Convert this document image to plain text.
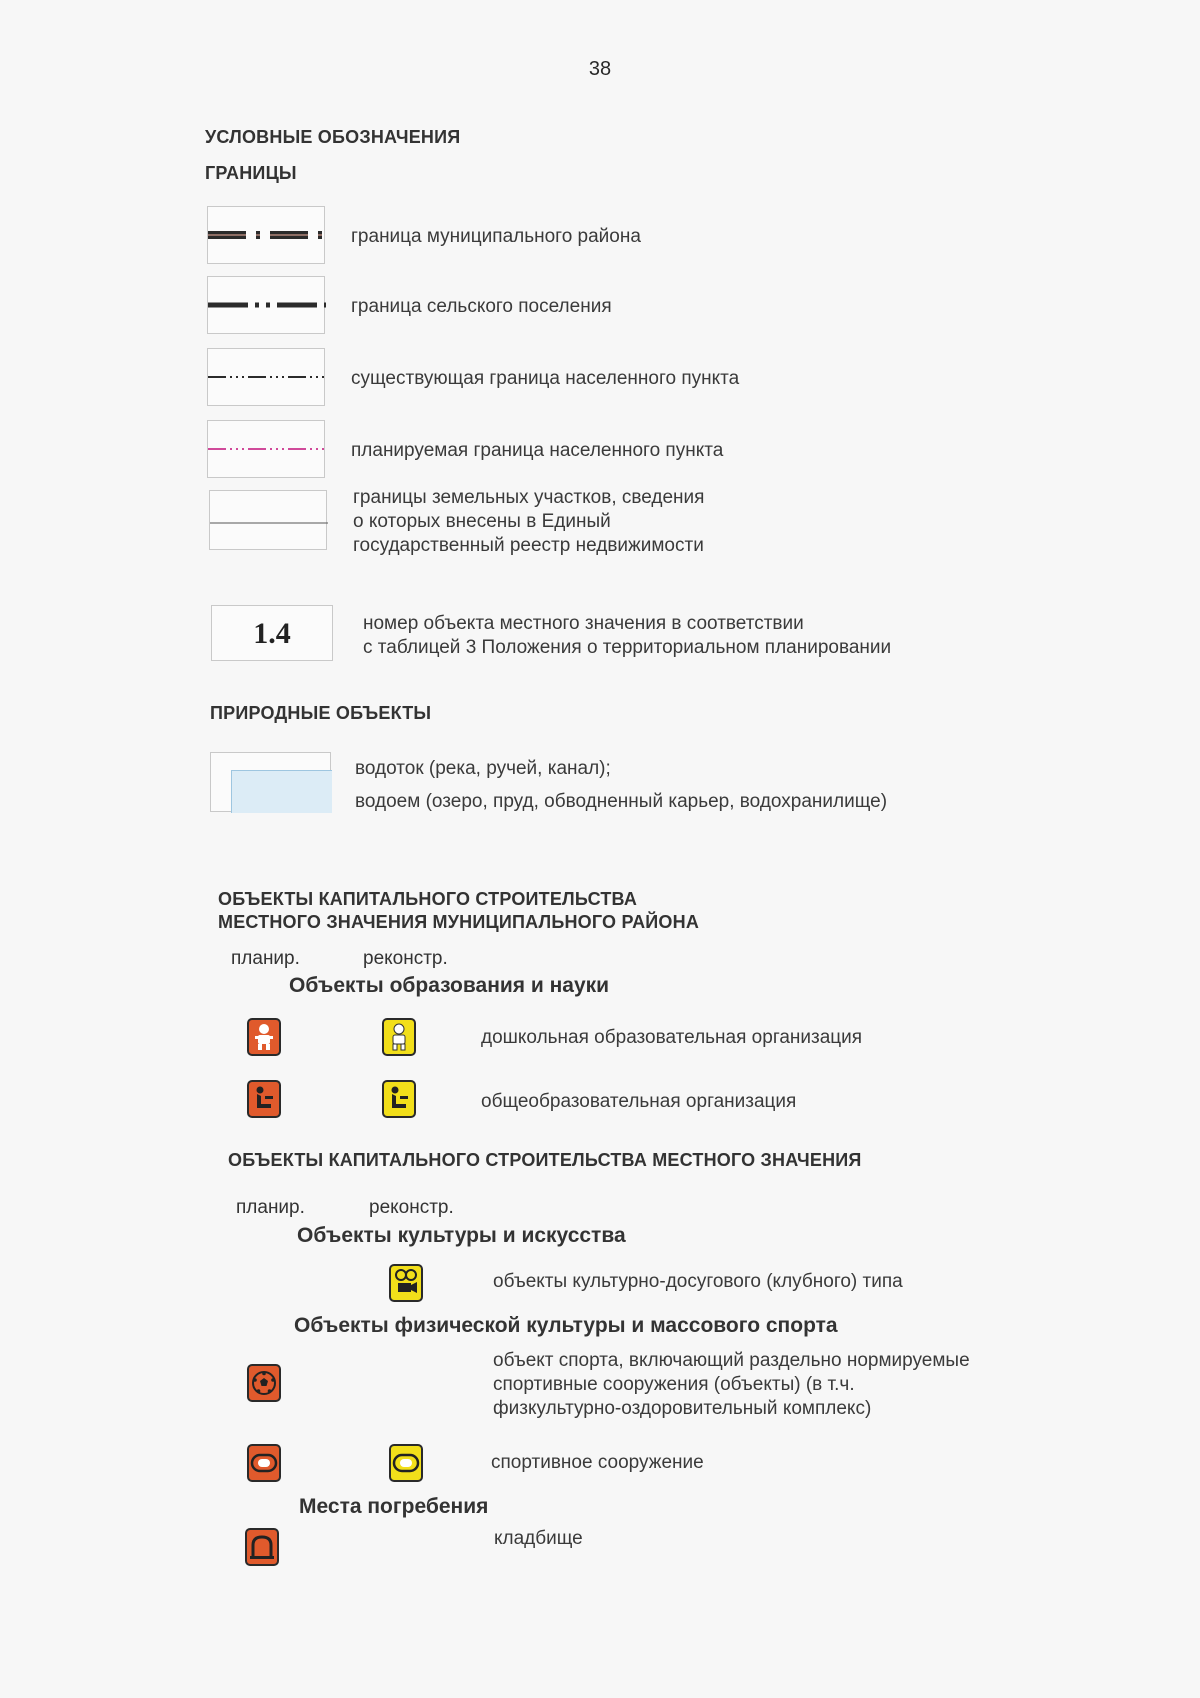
38
УСЛОВНЫЕ ОБОЗНАЧЕНИЯ
ГРАНИЦЫ
граница муниципального района
граница сельского поселения
существующая граница населенного пункта
планируемая граница населенного пункта
границы земельных участков, сведения
о которых внесены в Единый
государственный реестр недвижимости
1.4	номер объекта местного значения в соответствии
с таблицей 3 Положения о территориальном планировании
ПРИРОДНЫЕ ОБЪЕКТЫ
водоток (река, ручей, канал);
водоем (озеро, пруд, обводненный карьер, водохранилище)
ОБЪЕКТЫ КАПИТАЛЬНОГО СТРОИТЕЛЬСТВА
МЕСТНОГО ЗНАЧЕНИЯ МУНИЦИПАЛЬНОГО РАЙОНА
планир.	реконстр.
Объекты образования и науки
дошкольная образовательная организация
общеобразовательная организация
ОБЪЕКТЫ КАПИТАЛЬНОГО СТРОИТЕЛЬСТВА МЕСТНОГО ЗНАЧЕНИЯ
планир.	реконстр.
Объекты культуры и искусства
объекты культурно-досугового (клубного) типа
Объекты физической культуры и массового спорта
объект спорта, включающий раздельно нормируемые
спортивные сооружения (объекты) (в т.ч.
физкультурно-оздоровительный комплекс)
спортивное сооружение
Места погребения
кладбище
